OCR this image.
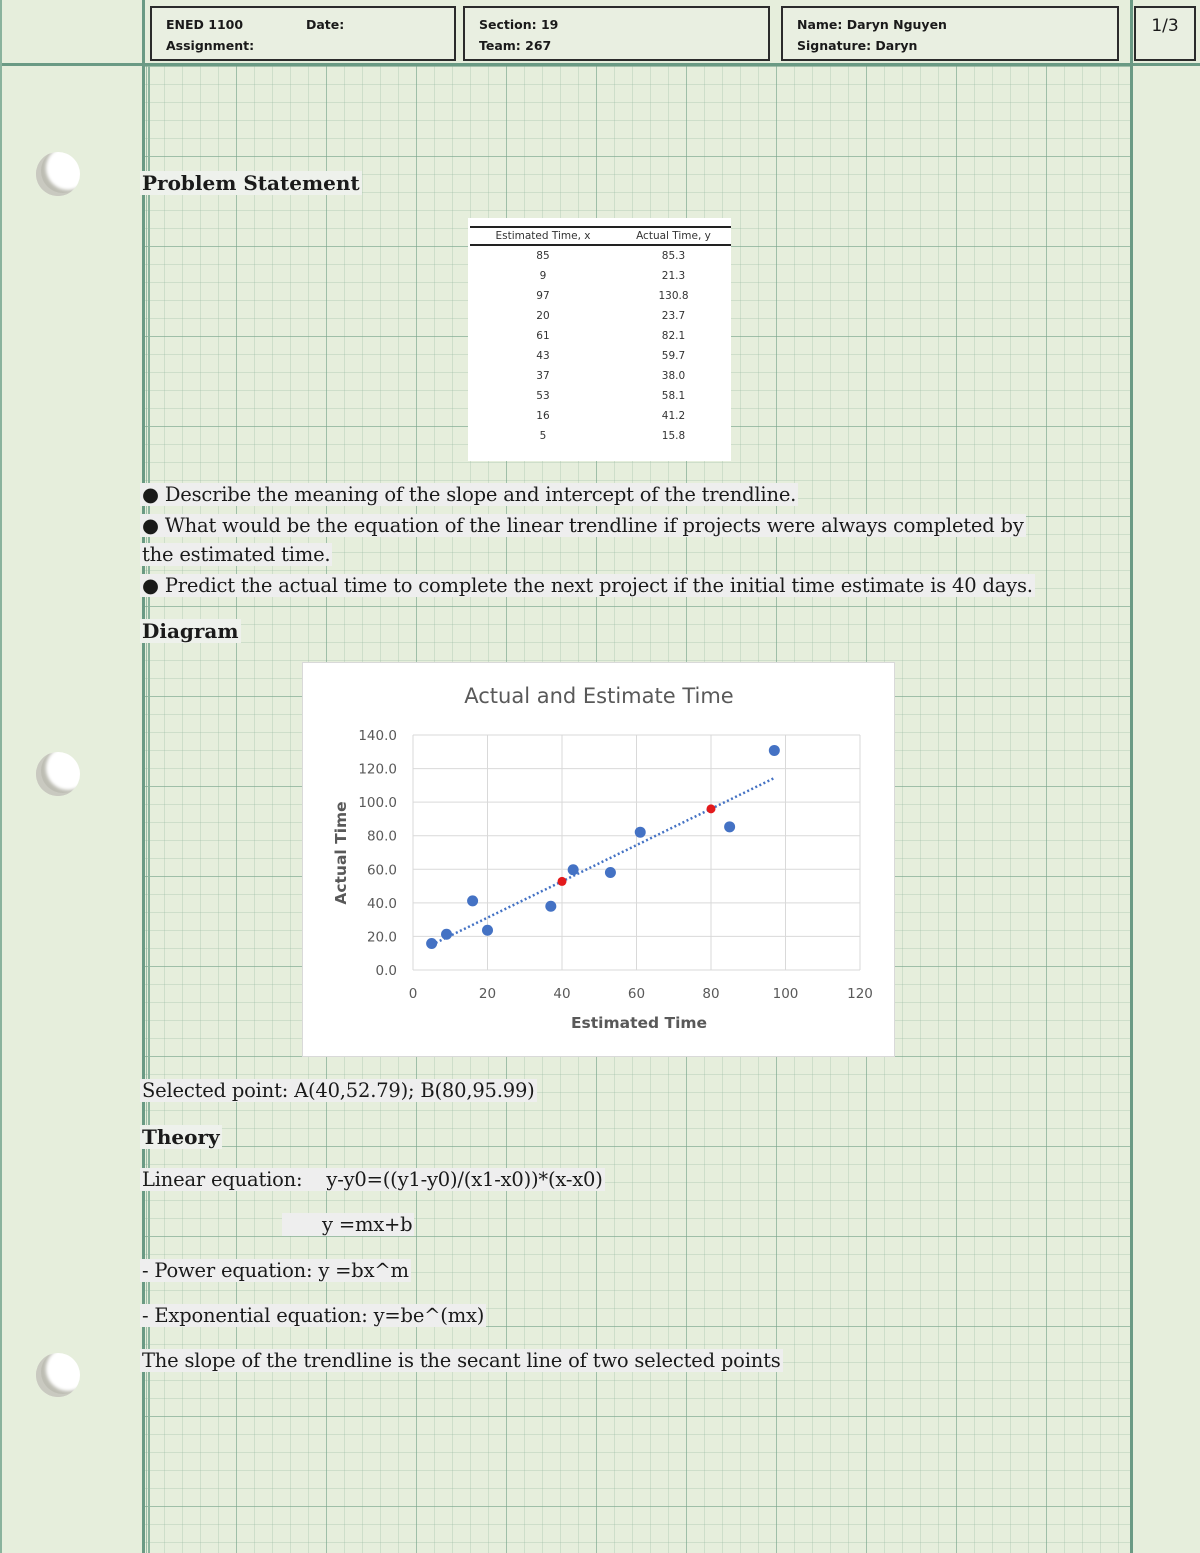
ENED 1100	Date:
Assignment:
Section: 19
Team: 267
Name: Daryn Nguyen
Signature: Daryn
1/3
Problem Statement
Estimated Time, x	Actual Time, y
85	85.3
9	21.3
97	130.8
20	23.7
61	82.1
43	59.7
37	38.0
53	58.1
16	41.2
5	15.8
● Describe the meaning of the slope and intercept of the trendline.
● What would be the equation of the linear trendline if projects were always completed by
the estimated time.
● Predict the actual time to complete the next project if the initial time estimate is 40 days.
Diagram
Actual and Estimate Time
Estimated Time
Actual Time
0.0
20.0
40.0
60.0
80.0
100.0
120.0
140.0
0	20	40	60	80	100	120
Selected point: A(40,52.79); B(80,95.99)
Theory
Linear equation: y-y0=((y1-y0)/(x1-x0))*(x-x0)
y =mx+b
- Power equation: y =bx^m
- Exponential equation: y=be^(mx)
The slope of the trendline is the secant line of two selected points
